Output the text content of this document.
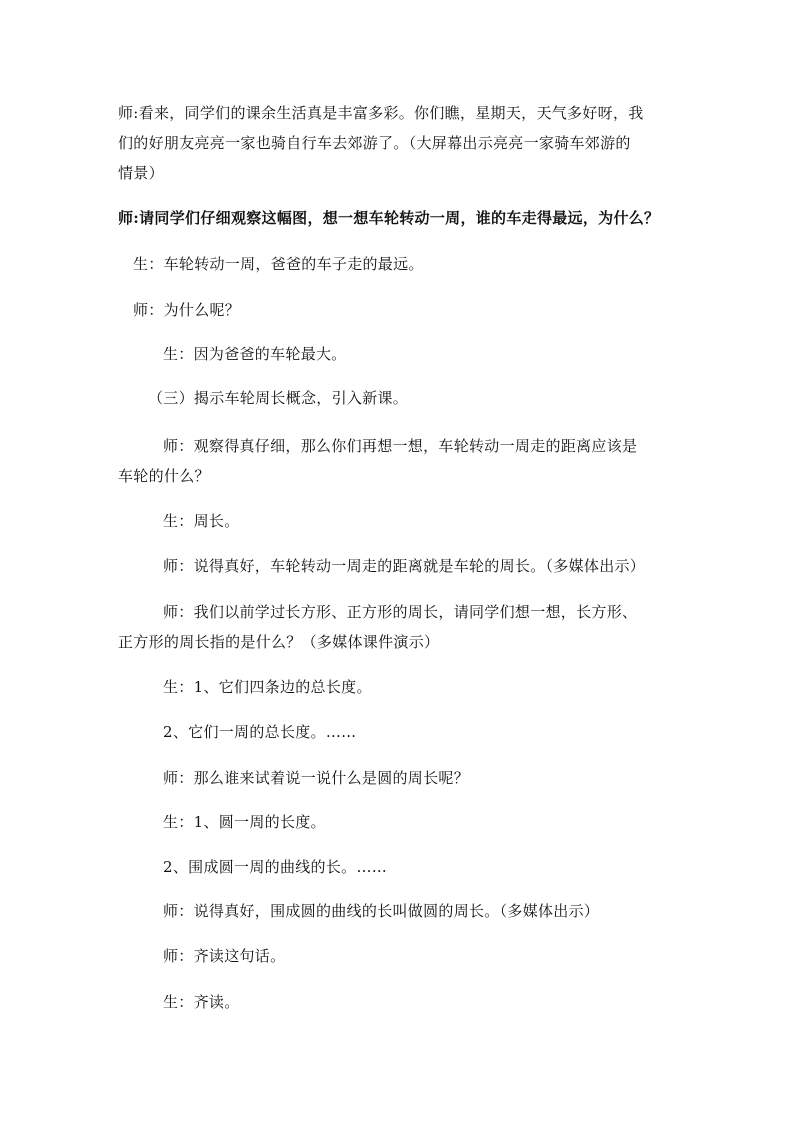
师:看来，同学们的课余生活真是丰富多彩。你们瞧，星期天，天气多好呀，我
们的好朋友亮亮一家也骑自行车去郊游了。（大屏幕出示亮亮一家骑车郊游的
情景）
师:请同学们仔细观察这幅图，想一想车轮转动一周，谁的车走得最远，为什么？
生：车轮转动一周，爸爸的车子走的最远。
师：为什么呢？
生：因为爸爸的车轮最大。
（三）揭示车轮周长概念，引入新课。
师：观察得真仔细，那么你们再想一想，车轮转动一周走的距离应该是
车轮的什么？
生：周长。
师：说得真好，车轮转动一周走的距离就是车轮的周长。（多媒体出示）
师：我们以前学过长方形、正方形的周长，请同学们想一想，长方形、
正方形的周长指的是什么？（多媒体课件演示）
生：1、它们四条边的总长度。
2、它们一周的总长度。……
师：那么谁来试着说一说什么是圆的周长呢？
生：1、圆一周的长度。
2、围成圆一周的曲线的长。……
师：说得真好，围成圆的曲线的长叫做圆的周长。（多媒体出示）
师：齐读这句话。
生：齐读。
